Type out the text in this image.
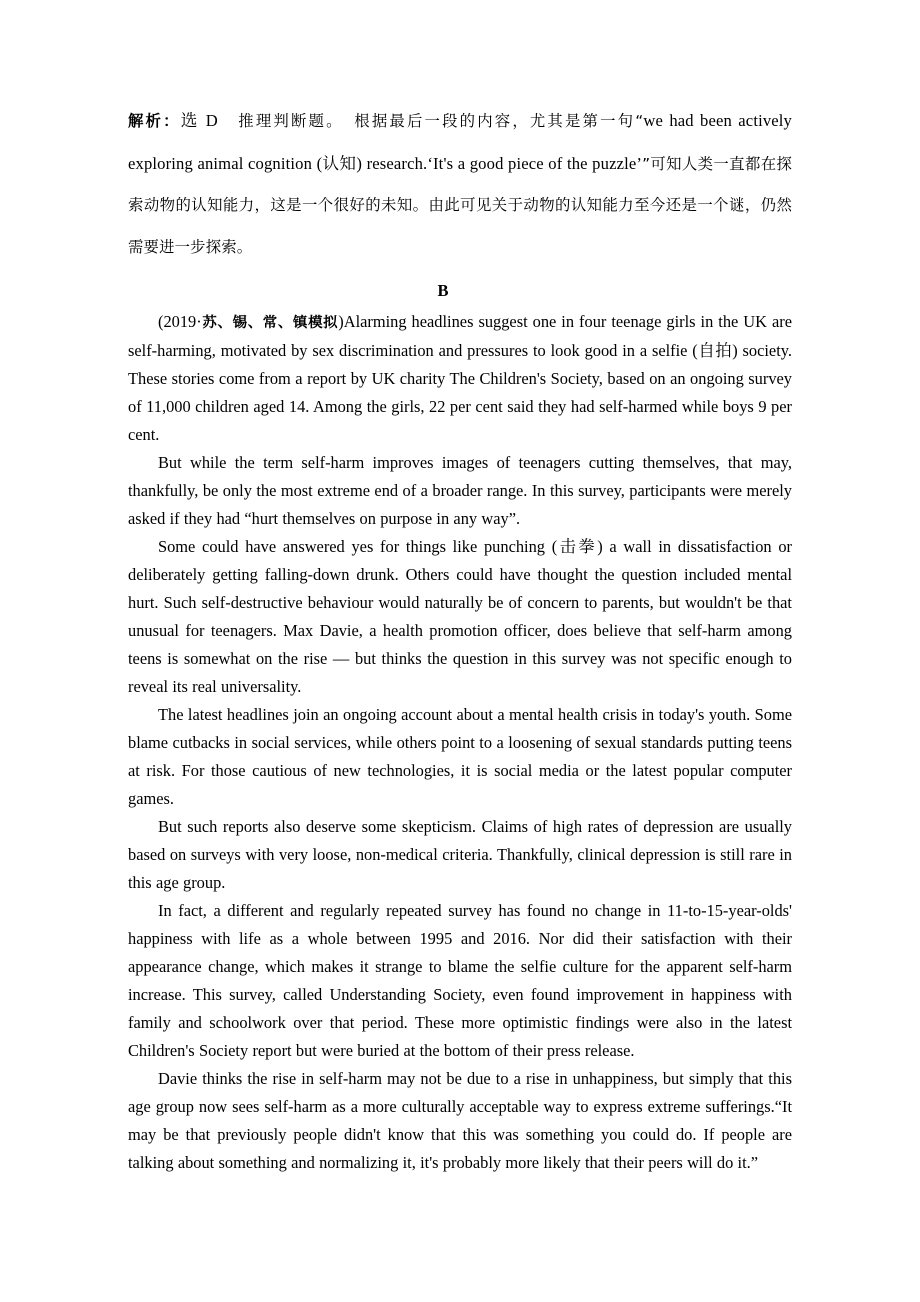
解析：选 D　 推理判断题。　 根据最后一段的内容，尤其是第一句“we had been actively exploring animal cognition (认知) research.‘It's a good piece of the puzzle’”可知人类一直都在探索动物的认知能力，这是一个很好的未知。由此可见关于动物的认知能力至今还是一个谜，仍然需要进一步探索。
B

(2019·苏、锡、常、镇模拟)Alarming headlines suggest one in four teenage girls in the UK are self-harming, motivated by sex discrimination and pressures to look good in a selfie (自拍) society. These stories come from a report by UK charity The Children's Society, based on an ongoing survey of 11,000 children aged 14. Among the girls, 22 per cent said they had self-harmed while boys 9 per cent.

But while the term self-harm improves images of teenagers cutting themselves, that may, thankfully, be only the most extreme end of a broader range. In this survey, participants were merely asked if they had “hurt themselves on purpose in any way”.

Some could have answered yes for things like punching (击拳) a wall in dissatisfaction or deliberately getting falling-down drunk. Others could have thought the question included mental hurt. Such self-destructive behaviour would naturally be of concern to parents, but wouldn't be that unusual for teenagers. Max Davie, a health promotion officer, does believe that self-harm among teens is somewhat on the rise — but thinks the question in this survey was not specific enough to reveal its real universality.

The latest headlines join an ongoing account about a mental health crisis in today's youth. Some blame cutbacks in social services, while others point to a loosening of sexual standards putting teens at risk. For those cautious of new technologies, it is social media or the latest popular computer games.

But such reports also deserve some skepticism. Claims of high rates of depression are usually based on surveys with very loose, non-medical criteria. Thankfully, clinical depression is still rare in this age group.

In fact, a different and regularly repeated survey has found no change in 11-to-15-year-olds' happiness with life as a whole between 1995 and 2016. Nor did their satisfaction with their appearance change, which makes it strange to blame the selfie culture for the apparent self-harm increase. This survey, called Understanding Society, even found improvement in happiness with family and schoolwork over that period. These more optimistic findings were also in the latest Children's Society report but were buried at the bottom of their press release.

Davie thinks the rise in self-harm may not be due to a rise in unhappiness, but simply that this age group now sees self-harm as a more culturally acceptable way to express extreme sufferings.“It may be that previously people didn't know that this was something you could do. If people are talking about something and normalizing it, it's probably more likely that their peers will do it.”
